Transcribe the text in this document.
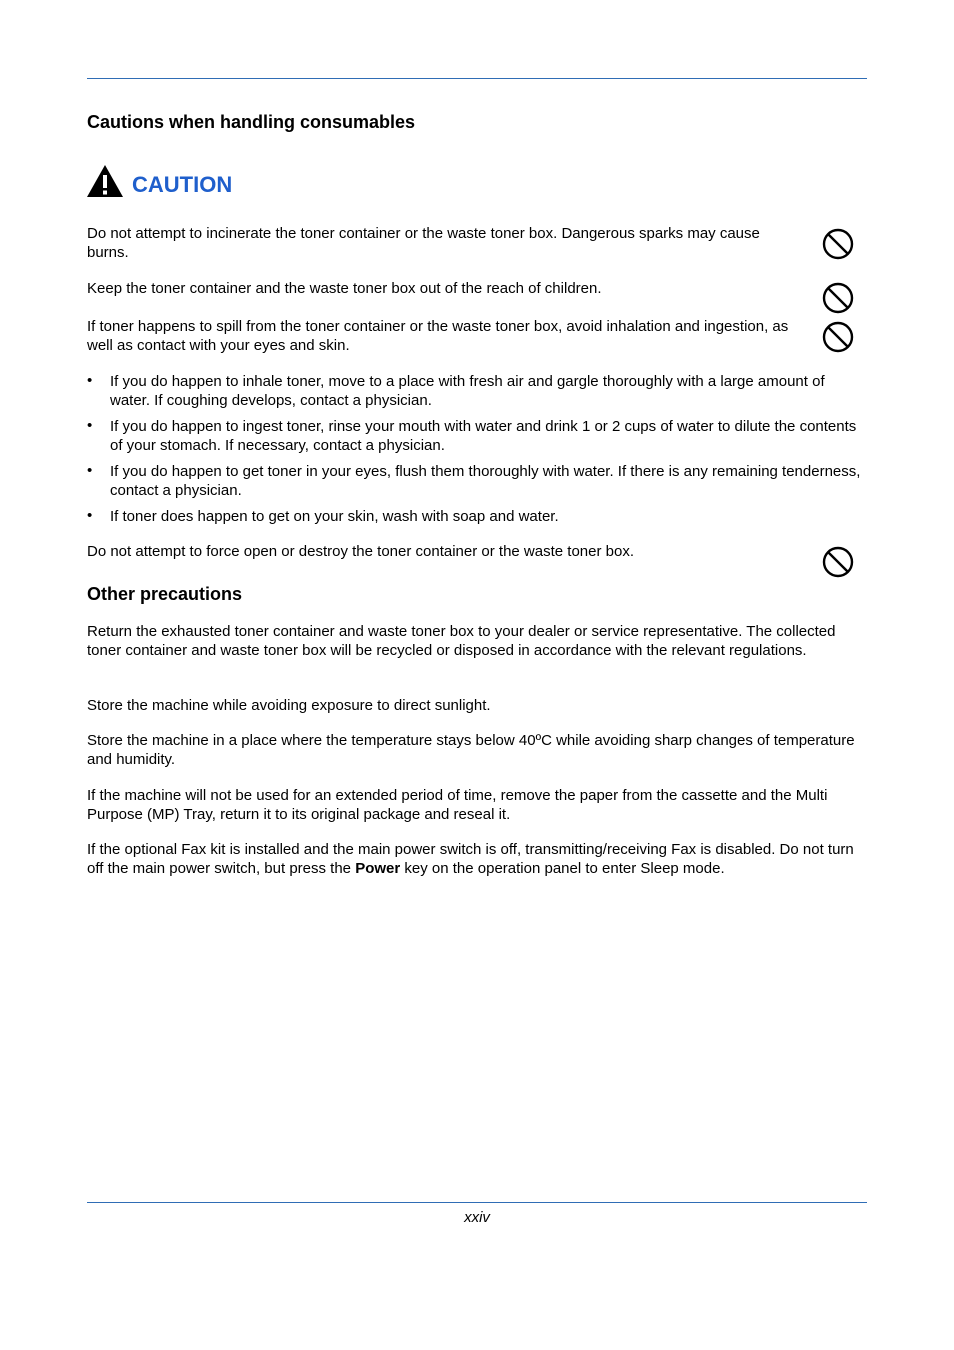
Cautions when handling consumables
CAUTION
Do not attempt to incinerate the toner container or the waste toner box. Dangerous sparks may cause burns.
Keep the toner container and the waste toner box out of the reach of children.
If toner happens to spill from the toner container or the waste toner box, avoid inhalation and ingestion, as well as contact with your eyes and skin.
• If you do happen to inhale toner, move to a place with fresh air and gargle thoroughly with a large amount of water. If coughing develops, contact a physician.
• If you do happen to ingest toner, rinse your mouth with water and drink 1 or 2 cups of water to dilute the contents of your stomach. If necessary, contact a physician.
• If you do happen to get toner in your eyes, flush them thoroughly with water. If there is any remaining tenderness, contact a physician.
• If toner does happen to get on your skin, wash with soap and water.
Do not attempt to force open or destroy the toner container or the waste toner box.
Other precautions
Return the exhausted toner container and waste toner box to your dealer or service representative. The collected toner container and waste toner box will be recycled or disposed in accordance with the relevant regulations.
Store the machine while avoiding exposure to direct sunlight.
Store the machine in a place where the temperature stays below 40ºC while avoiding sharp changes of temperature and humidity.
If the machine will not be used for an extended period of time, remove the paper from the cassette and the Multi Purpose (MP) Tray, return it to its original package and reseal it.
If the optional Fax kit is installed and the main power switch is off, transmitting/receiving Fax is disabled. Do not turn off the main power switch, but press the Power key on the operation panel to enter Sleep mode.
xxiv
